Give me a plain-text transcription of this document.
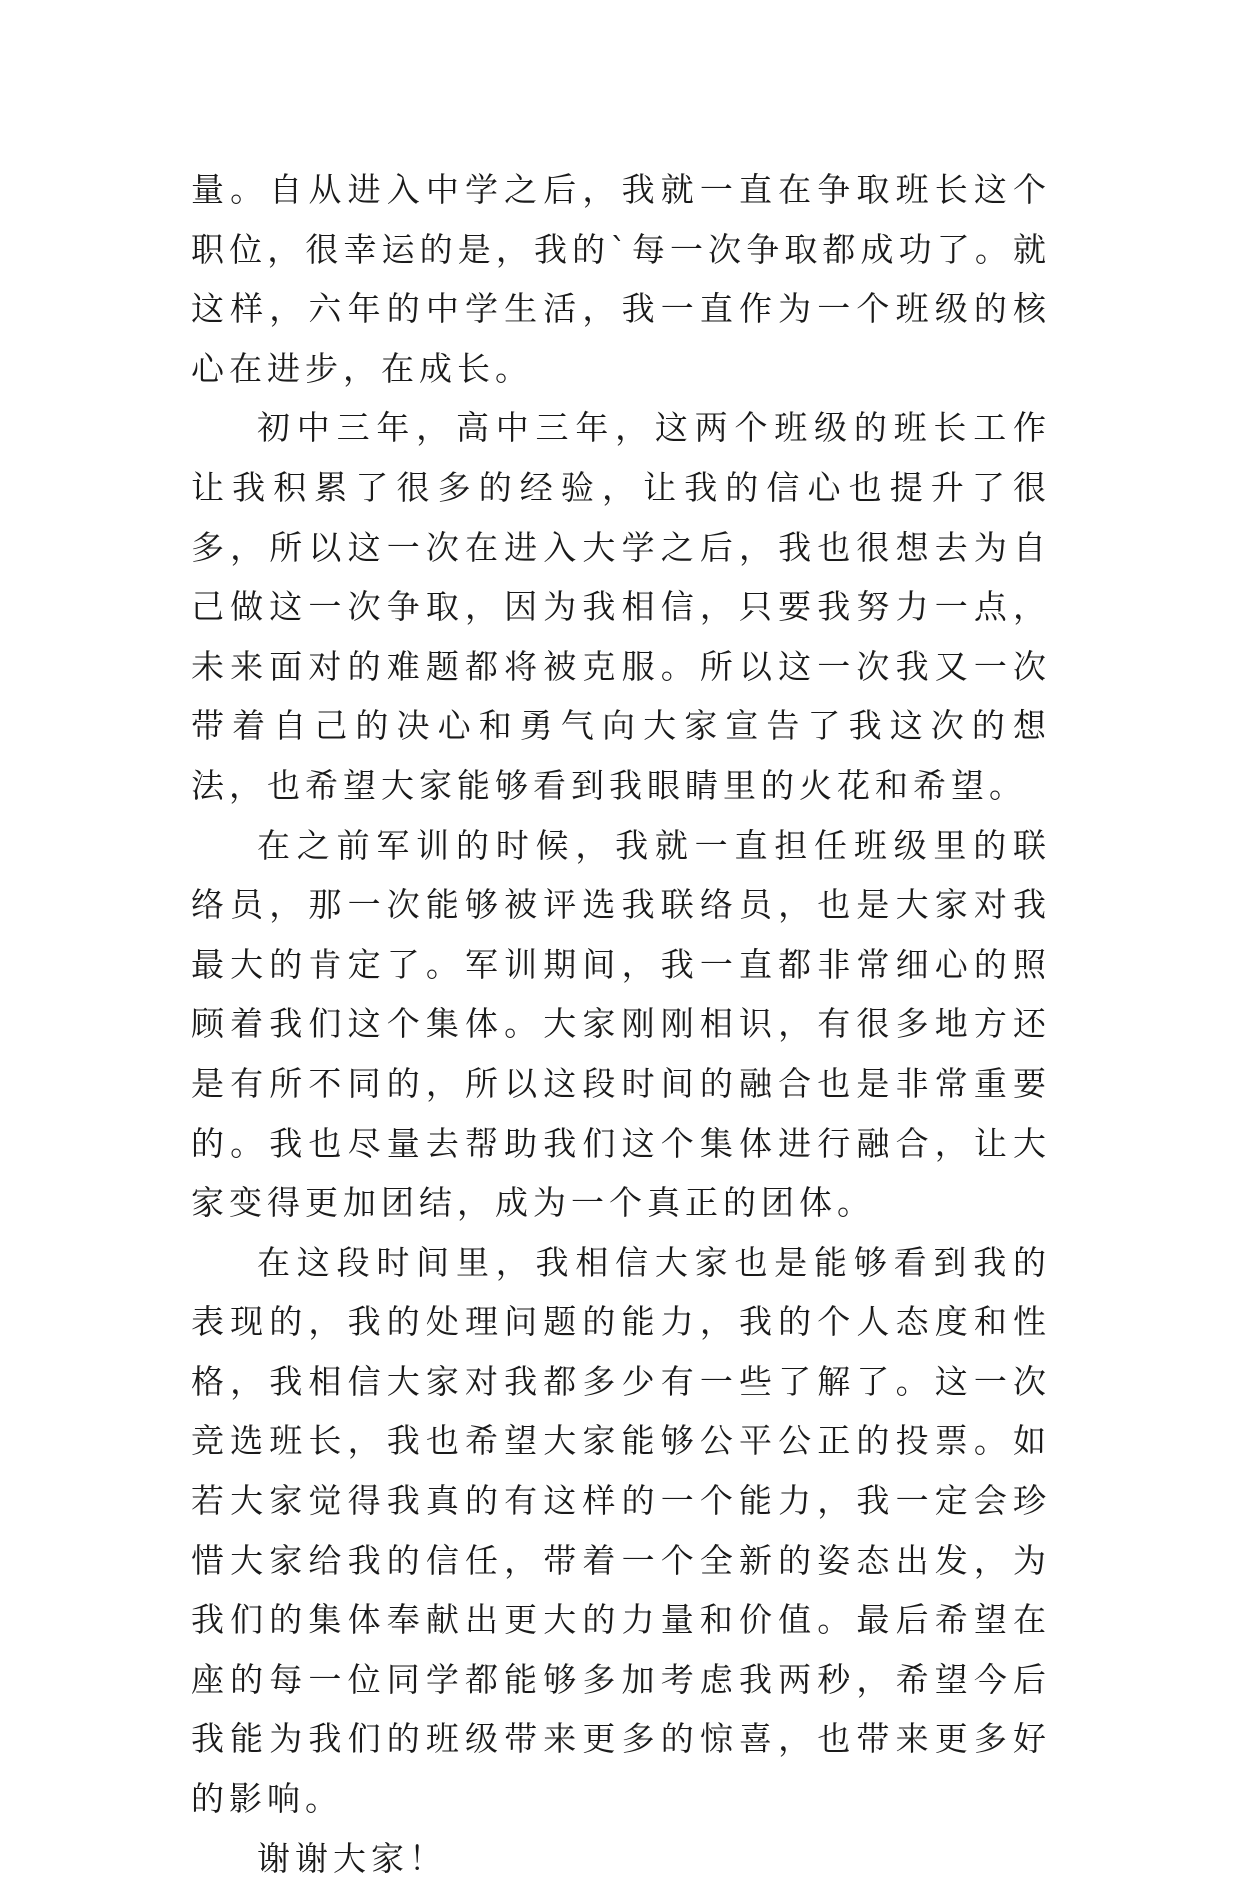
量。自从进入中学之后，我就一直在争取班长这个职位，很幸运的是，我的`每一次争取都成功了。就这样，六年的中学生活，我一直作为一个班级的核心在进步，在成长。

初中三年，高中三年，这两个班级的班长工作让我积累了很多的经验，让我的信心也提升了很多，所以这一次在进入大学之后，我也很想去为自己做这一次争取，因为我相信，只要我努力一点，未来面对的难题都将被克服。所以这一次我又一次带着自己的决心和勇气向大家宣告了我这次的想法，也希望大家能够看到我眼睛里的火花和希望。

在之前军训的时候，我就一直担任班级里的联络员，那一次能够被评选我联络员，也是大家对我最大的肯定了。军训期间，我一直都非常细心的照顾着我们这个集体。大家刚刚相识，有很多地方还是有所不同的，所以这段时间的融合也是非常重要的。我也尽量去帮助我们这个集体进行融合，让大家变得更加团结，成为一个真正的团体。

在这段时间里，我相信大家也是能够看到我的表现的，我的处理问题的能力，我的个人态度和性格，我相信大家对我都多少有一些了解了。这一次竞选班长，我也希望大家能够公平公正的投票。如若大家觉得我真的有这样的一个能力，我一定会珍惜大家给我的信任，带着一个全新的姿态出发，为我们的集体奉献出更大的力量和价值。最后希望在座的每一位同学都能够多加考虑我两秒，希望今后我能为我们的班级带来更多的惊喜，也带来更多好的影响。

谢谢大家！
